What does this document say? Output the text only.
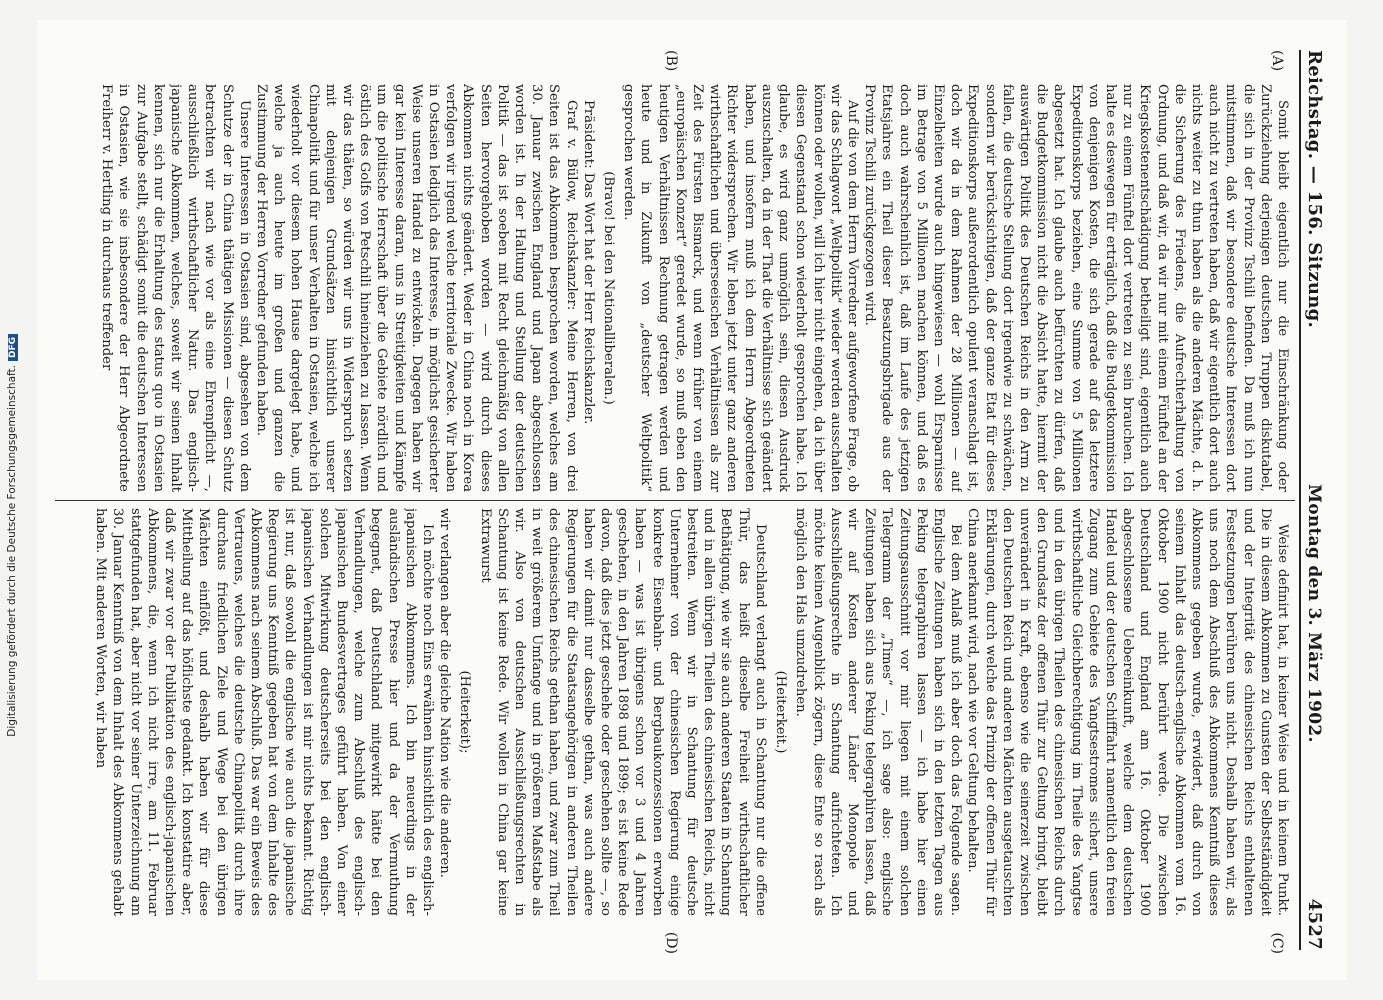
Reichstag. — 156. Sitzung.
Montag den 3. März 1902.
4527
(A)
(B)
(C)
(D)

Somit bleibt eigentlich nur die Einschränkung oder Zurückziehung derjenigen deutschen Truppen diskutabel, die sich in der Provinz Tschili befinden. Da muß ich nun mitstimmen, daß wir besondere deutsche Interessen dort auch nicht zu vertreten haben, daß wir eigentlich dort auch nichts weiter zu thun haben als die anderen Mächte, d. h. die Sicherung des Friedens, die Aufrechterhaltung von Ordnung, und daß wir, da wir nur mit einem Fünftel an der Kriegskostenentschädigung betheiligt sind, eigentlich auch nur zu einem Fünftel dort vertreten zu sein brauchen. Ich halte es deswegen für erträglich, daß die Budgetkommission von denjenigen Kosten, die sich gerade auf das letztere Expeditionskorps beziehen, eine Summe von 5 Millionen abgesetzt hat. Ich glaube auch befürchten zu dürfen, daß die Budgetkommission nicht die Absicht hatte, hiermit der auswärtigen Politik des Deutschen Reichs in den Arm zu fallen, die deutsche Stellung dort irgendwie zu schwächen, sondern wir berücksichtigen, daß der ganze Etat für dieses Expeditionskorps außerordentlich opulent veranschlagt ist, doch wir da in dem Rahmen der 28 Millionen — auf Einzelheiten wurde auch hingewiesen — wohl Ersparnisse im Betrage von 5 Millionen machen können, und daß es doch auch wahrscheinlich ist, daß im Laufe des jetzigen Etatsjahres ein Theil dieser Besatzungsbrigade aus der Provinz Tschili zurückgezogen wird.

Auf die von dem Herrn Vorredner aufgeworfene Frage, ob wir das Schlagwort „Weltpolitik“ wieder werden ausschalten können oder wollen, will ich hier nicht eingehen, da ich über diesen Gegenstand schon wiederholt gesprochen habe. Ich glaube, es wird ganz unmöglich sein, diesen Ausdruck auszuschalten, da in der That die Verhältnisse sich geändert haben, und insofern muß ich dem Herrn Abgeordneten Richter widersprechen. Wir leben jetzt unter ganz anderen wirthschaftlichen und überseeischen Verhältnissen als zur Zeit des Fürsten Bismarck, und wenn früher von einem „europäischen Konzert“ geredet wurde, so muß eben den heutigen Verhältnissen Rechnung getragen werden und heute und in Zukunft von „deutscher Weltpolitik“ gesprochen werden.

(Bravo! bei den Nationalliberalen.)

Präsident: Das Wort hat der Herr Reichskanzler.

Graf v. Bülow, Reichskanzler: Meine Herren, von drei Seiten ist das Abkommen besprochen worden, welches am 30. Januar zwischen England und Japan abgeschlossen worden ist. In der Haltung und Stellung der deutschen Politik — das ist soeben mit Recht gleichmäßig von allen Seiten hervorgehoben worden — wird durch dieses Abkommen nichts geändert. Weder in China noch in Korea verfolgen wir irgend welche territoriale Zwecke. Wir haben in Ostasien lediglich das Interesse, in möglichst gesicherter Weise unseren Handel zu entwickeln. Dagegen haben wir gar kein Interesse daran, uns in Streitigkeiten und Kämpfe um die politische Herrschaft über die Gebiete nördlich und östlich des Golfs von Petschili hineinziehen zu lassen. Wenn wir das thäten, so würden wir uns in Widerspruch setzen mit denjenigen Grundsätzen hinsichtlich unserer Chinapolitik und für unser Verhalten in Ostasien, welche ich wiederholt vor diesem hohen Hause dargelegt habe, und welche ja auch heute im großen und ganzen die Zustimmung der Herren Vorredner gefunden haben.

Unsere Interessen in Ostasien sind, abgesehen von dem Schutze der in China thätigen Missionen — diesen Schutz betrachten wir nach wie vor als eine Ehrenpflicht —, ausschließlich wirthschaftlicher Natur. Das englisch-japanische Abkommen, welches, soweit wir seinen Inhalt kennen, sich nur die Erhaltung des status quo in Ostasien zur Aufgabe stellt, schädigt somit die deutschen Interessen in Ostasien, wie sie insbesondere der Herr Abgeordnete Freiherr v. Hertling in durchaus treffender

Weise definirt hat, in keiner Weise und in keinem Punkt. Die in diesem Abkommen zu Gunsten der Selbstständigkeit und der Integrität des chinesischen Reichs enthaltenen Festsetzungen berühren uns nicht. Deshalb haben wir, als uns noch dem Abschluß des Abkommens Kenntniß dieses Abkommens gegeben wurde, erwidert, daß durch von seinem Inhalt das deutsch-englische Abkommen vom 16. Oktober 1900 nicht berührt werde. Die zwischen Deutschland und England am 16. Oktober 1900 abgeschlossene Uebereinkunft, welche dem deutschen Handel und der deutschen Schifffahrt namentlich den freien Zugang zum Gebiete des Yangtsestromes sichert, unsere wirthschaftliche Gleichberechtigung im Theile des Yangtse und in den übrigen Theilen des chinesischen Reichs durch den Grundsatz der offenen Thür zur Geltung bringt, bleibt unverändert in Kraft, ebenso wie die seinerzeit zwischen den Deutschen Reich und anderen Mächten ausgetauschten Erklärungen, durch welche das Prinzip der offenen Thür für China anerkannt wird, nach wie vor Geltung behalten.

Bei dem Anlaß muß ich aber doch das Folgende sagen. Englische Zeitungen haben sich in den letzten Tagen aus Peking telegraphiren lassen — ich habe hier einen Zeitungsausschnitt vor mir liegen mit einem solchen Telegramm der „Times“ —, ich sage also: englische Zeitungen haben sich aus Peking telegraphiren lassen, daß wir auf Kosten anderer Länder Monopole und Ausschließungsrechte in Schantung aufrichteten. Ich möchte keinen Augenblick zögern, diese Ente so rasch als möglich den Hals umzudrehen.

(Heiterkeit.)

Deutschland verlangt auch in Schantung nur die offene Thür, das heißt dieselbe Freiheit wirthschaftlicher Bethätigung, wie wir sie auch anderen Staaten in Schantung und in allen übrigen Theilen des chinesischen Reichs, nicht bestreiten. Wenn wir in Schantung für deutsche Unternehmer von der chinesischen Regierung einige konkrete Eisenbahn- und Bergbaukonzessionen erworben haben — was ist übrigens schon vor 3 und 4 Jahren geschehen, in den Jahren 1898 und 1899; es ist keine Rede davon, daß dies jetzt geschehe oder geschehen sollte —, so haben wir damit nur dasselbe gethan, was auch andere Regierungen für die Staatsangehörigen in anderen Theilen des chinesischen Reichs gethan haben, und zwar zum Theil in weit größerem Umfange und in größerem Maßstabe als wir. Also von deutschen Ausschließungsrechten in Schantung ist keine Rede. Wir wollen in China gar keine Extrawurst

(Heiterkeit);

wir verlangen aber die gleiche Nation wie die anderen.

Ich möchte noch Eins erwähnen hinsichtlich des englisch-japanischen Abkommens. Ich bin neuerdings in der ausländischen Presse hier und da der Vermuthung begegnet, daß Deutschland mitgewirkt hätte bei den Verhandlungen, welche zum Abschluß des englisch-japanischen Bundesvertrages geführt haben. Von einer solchen Mitwirkung deutscherseits bei den englisch-japanischen Verhandlungen ist mir nichts bekannt. Richtig ist nur, daß sowohl die englische wie auch die japanische Regierung uns Kenntniß gegeben hat von dem Inhalte des Abkommens nach seinem Abschluß. Das war ein Beweis des Vertrauens, welches die deutsche Chinapolitik durch ihre durchaus friedlichen Ziele und Wege bei den übrigen Mächten einflößt, und deshalb haben wir für diese Mittheilung auf das höflichste gedankt. Ich konstatire aber, daß wir zwar vor der Publikation des englisch-japanischen Abkommens, die, wenn ich nicht irre, am 11. Februar stattgefunden hat, aber nicht vor seiner Unterzeichnung am 30. Januar Kenntniß von dem Inhalt des Abkommens gehabt haben. Mit anderen Worten, wir haben

Digitalisierung gefördert durch die Deutsche Forschungsgemeinschaft.DFG
